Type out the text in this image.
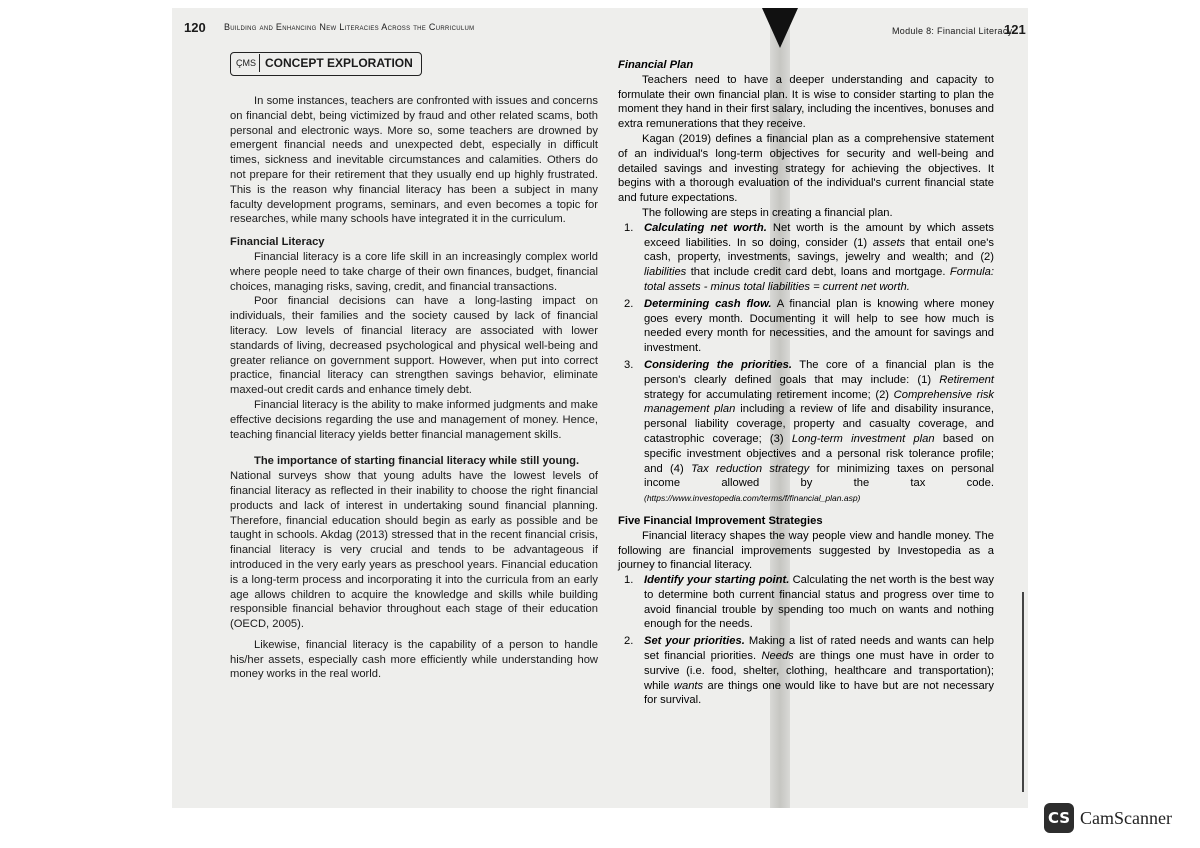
120 Building and Enhancing New Literacies Across the Curriculum
ÇMS CONCEPT EXPLORATION

In some instances, teachers are confronted with issues and concerns on financial debt, being victimized by fraud and other related scams, both personal and electronic ways. More so, some teachers are drowned by emergent financial needs and unexpected debt, especially in difficult times, sickness and inevitable circumstances and calamities. Others do not prepare for their retirement that they usually end up highly frustrated. This is the reason why financial literacy has been a subject in many faculty development programs, seminars, and even becomes a topic for researches, while many schools have integrated it in the curriculum.

Financial Literacy

Financial literacy is a core life skill in an increasingly complex world where people need to take charge of their own finances, budget, financial choices, managing risks, saving, credit, and financial transactions.

Poor financial decisions can have a long-lasting impact on individuals, their families and the society caused by lack of financial literacy. Low levels of financial literacy are associated with lower standards of living, decreased psychological and physical well-being and greater reliance on government support. However, when put into correct practice, financial literacy can strengthen savings behavior, eliminate maxed-out credit cards and enhance timely debt.

Financial literacy is the ability to make informed judgments and make effective decisions regarding the use and management of money. Hence, teaching financial literacy yields better financial management skills.

The importance of starting financial literacy while still young.

National surveys show that young adults have the lowest levels of financial literacy as reflected in their inability to choose the right financial products and lack of interest in undertaking sound financial planning. Therefore, financial education should begin as early as possible and be taught in schools. Akdag (2013) stressed that in the recent financial crisis, financial literacy is very crucial and tends to be advantageous if introduced in the very early years as preschool years. Financial education is a long-term process and incorporating it into the curricula from an early age allows children to acquire the knowledge and skills while building responsible financial behavior throughout each stage of their education (OECD, 2005).

Likewise, financial literacy is the capability of a person to handle his/her assets, especially cash more efficiently while understanding how money works in the real world.

Module 8: Financial Literacy
121

Financial Plan

Teachers need to have a deeper understanding and capacity to formulate their own financial plan. It is wise to consider starting to plan the moment they hand in their first salary, including the incentives, bonuses and extra remunerations that they receive.

Kagan (2019) defines a financial plan as a comprehensive statement of an individual's long-term objectives for security and well-being and detailed savings and investing strategy for achieving the objectives. It begins with a thorough evaluation of the individual's current financial state and future expectations.

The following are steps in creating a financial plan.

1. Calculating net worth. Net worth is the amount by which assets exceed liabilities. In so doing, consider (1) assets that entail one's cash, property, investments, savings, jewelry and wealth; and (2) liabilities that include credit card debt, loans and mortgage. Formula: total assets - minus total liabilities = current net worth.
2. Determining cash flow. A financial plan is knowing where money goes every month. Documenting it will help to see how much is needed every month for necessities, and the amount for savings and investment.
3. Considering the priorities. The core of a financial plan is the person's clearly defined goals that may include: (1) Retirement strategy for accumulating retirement income; (2) Comprehensive risk management plan including a review of life and disability insurance, personal liability coverage, property and casualty coverage, and catastrophic coverage; (3) Long-term investment plan based on specific investment objectives and a personal risk tolerance profile; and (4) Tax reduction strategy for minimizing taxes on personal income allowed by the tax code. (https://www.investopedia.com/terms/f/financial_plan.asp)

Five Financial Improvement Strategies

Financial literacy shapes the way people view and handle money. The following are financial improvements suggested by Investopedia as a journey to financial literacy.

1. Identify your starting point. Calculating the net worth is the best way to determine both current financial status and progress over time to avoid financial trouble by spending too much on wants and nothing enough for the needs.
2. Set your priorities. Making a list of rated needs and wants can help set financial priorities. Needs are things one must have in order to survive (i.e. food, shelter, clothing, healthcare and transportation); while wants are things one would like to have but are not necessary for survival.
CS CamScanner
